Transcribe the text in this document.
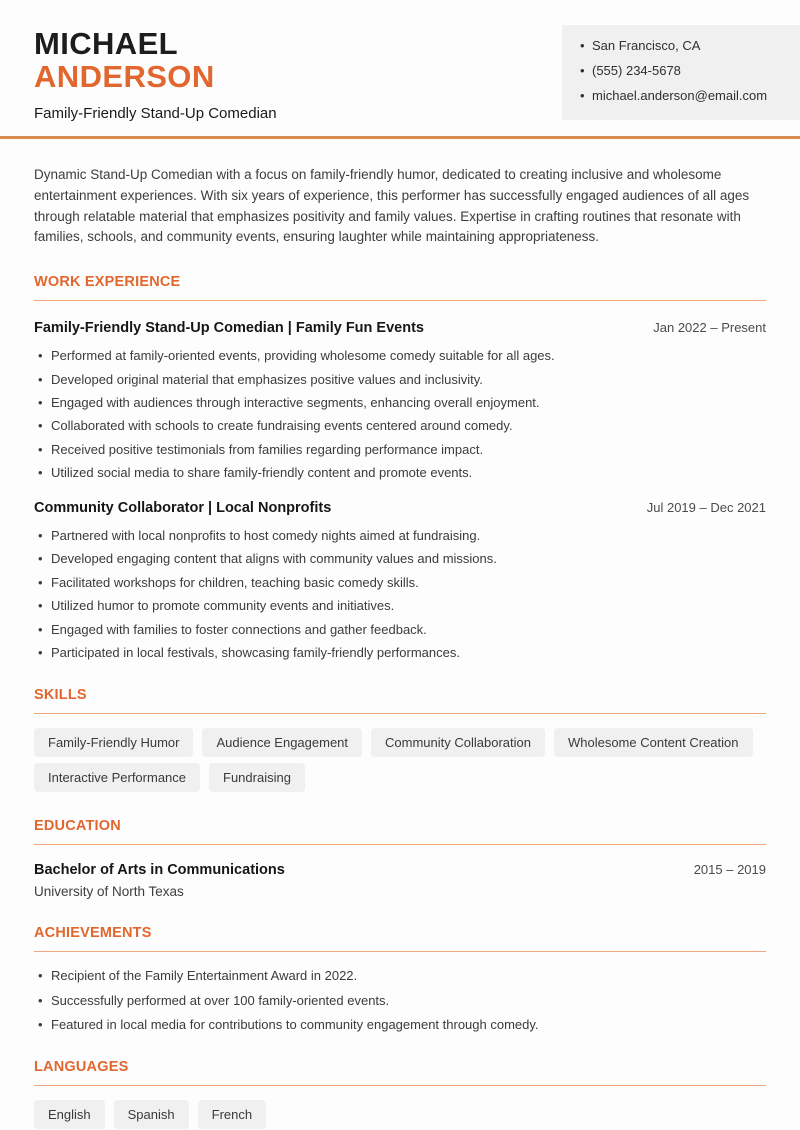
MICHAEL
ANDERSON
Family-Friendly Stand-Up Comedian
• San Francisco, CA
• (555) 234-5678
• michael.anderson@email.com

Dynamic Stand-Up Comedian with a focus on family-friendly humor, dedicated to creating inclusive and wholesome entertainment experiences. With six years of experience, this performer has successfully engaged audiences of all ages through relatable material that emphasizes positivity and family values. Expertise in crafting routines that resonate with families, schools, and community events, ensuring laughter while maintaining appropriateness.

WORK EXPERIENCE
Family-Friendly Stand-Up Comedian | Family Fun Events	Jan 2022 – Present
• Performed at family-oriented events, providing wholesome comedy suitable for all ages.
• Developed original material that emphasizes positive values and inclusivity.
• Engaged with audiences through interactive segments, enhancing overall enjoyment.
• Collaborated with schools to create fundraising events centered around comedy.
• Received positive testimonials from families regarding performance impact.
• Utilized social media to share family-friendly content and promote events.
Community Collaborator | Local Nonprofits	Jul 2019 – Dec 2021
• Partnered with local nonprofits to host comedy nights aimed at fundraising.
• Developed engaging content that aligns with community values and missions.
• Facilitated workshops for children, teaching basic comedy skills.
• Utilized humor to promote community events and initiatives.
• Engaged with families to foster connections and gather feedback.
• Participated in local festivals, showcasing family-friendly performances.
SKILLS
Family-Friendly Humor	Audience Engagement	Community Collaboration	Wholesome Content Creation
Interactive Performance	Fundraising
EDUCATION
Bachelor of Arts in Communications	2015 – 2019
University of North Texas
ACHIEVEMENTS
• Recipient of the Family Entertainment Award in 2022.
• Successfully performed at over 100 family-oriented events.
• Featured in local media for contributions to community engagement through comedy.
LANGUAGES
English	Spanish	French
